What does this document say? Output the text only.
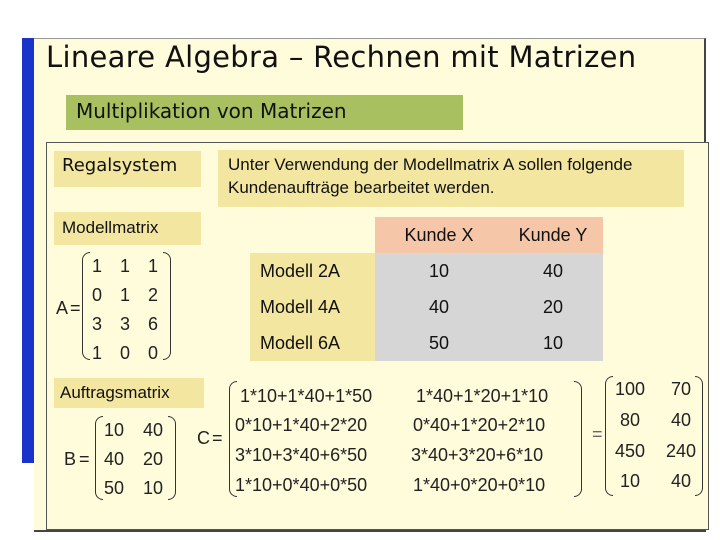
Lineare Algebra – Rechnen mit Matrizen
Multiplikation von Matrizen
Regalsystem	Unter Verwendung der Modellmatrix A sollen folgende Kundenaufträge bearbeitet werden.
Modellmatrix
Auftragsmatrix
A =
1 1 1
0 1 2
3 3 6
1 0 0
	Kunde X	Kunde Y
Modell 2A	10	40
Modell 4A	40	20
Modell 6A	50	10
B =
10 40
40 20
50 10
C =
1*10+1*40+1*50 1*40+1*20+1*10
0*10+1*40+2*20	0*40+1*20+2*10
3*10+3*40+6*50 3*40+3*20+6*10
1*10+0*40+0*50	1*40+0*20+0*10
=
100	70
80	40
450 240
10	40
